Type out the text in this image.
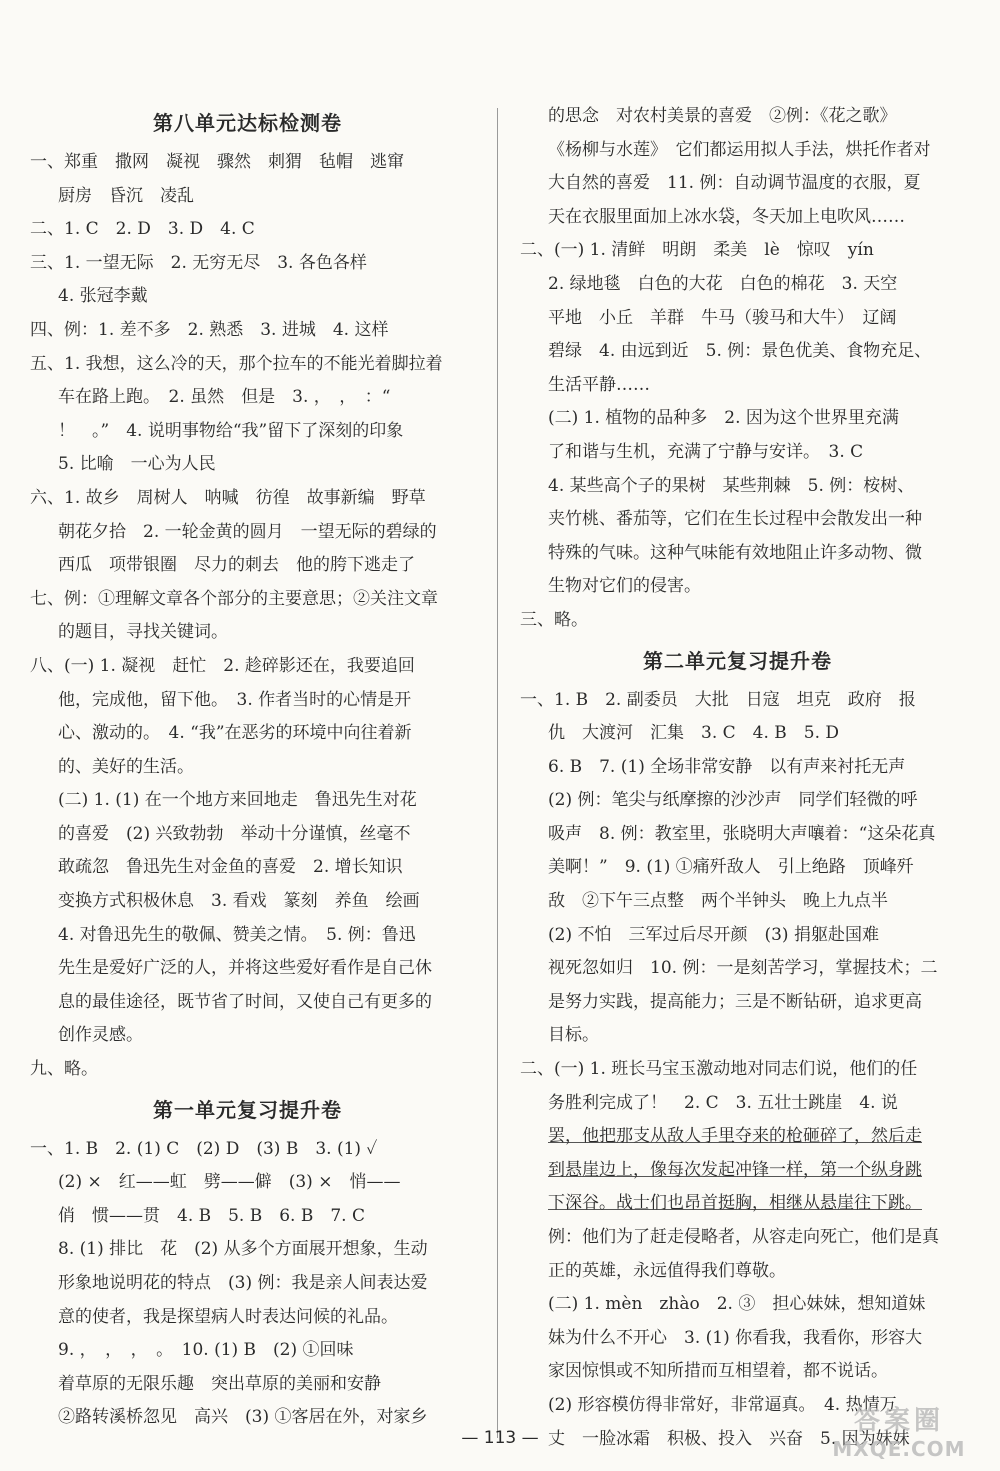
第八单元达标检测卷
一、郑重　撒网　凝视　骤然　刺猬　毡帽　逃窜
厨房　昏沉　凌乱
二、1. C　2. D　3. D　4. C
三、1. 一望无际　2. 无穷无尽　3. 各色各样
4. 张冠李戴
四、例：1. 差不多　2. 熟悉　3. 进城　4. 这样
五、1. 我想，这么冷的天，那个拉车的不能光着脚拉着
车在路上跑。　2. 虽然　但是　3. ，　，　：“
！　。”　4. 说明事物给“我”留下了深刻的印象
5. 比喻　一心为人民
六、1. 故乡　周树人　呐喊　彷徨　故事新编　野草
朝花夕拾　2. 一轮金黄的圆月　一望无际的碧绿的
西瓜　项带银圈　尽力的刺去　他的胯下逃走了
七、例：①理解文章各个部分的主要意思；②关注文章
的题目，寻找关键词。
八、(一) 1. 凝视　赶忙　2. 趁碎影还在，我要追回
他，完成他，留下他。　3. 作者当时的心情是开
心、激动的。　4. “我”在恶劣的环境中向往着新
的、美好的生活。
(二) 1. (1) 在一个地方来回地走　鲁迅先生对花
的喜爱　(2) 兴致勃勃　举动十分谨慎，丝毫不
敢疏忽　鲁迅先生对金鱼的喜爱　2. 增长知识
变换方式积极休息　3. 看戏　篆刻　养鱼　绘画
4. 对鲁迅先生的敬佩、赞美之情。　5. 例：鲁迅
先生是爱好广泛的人，并将这些爱好看作是自己休
息的最佳途径，既节省了时间，又使自己有更多的
创作灵感。
九、略。
第一单元复习提升卷
一、1. B　2. (1) C　(2) D　(3) B　3. (1) ✓
(2) ×　红——虹　劈——僻　(3) ×　悄——
俏　惯——贯　4. B　5. B　6. B　7. C
8. (1) 排比　花　(2) 从多个方面展开想象，生动
形象地说明花的特点　(3) 例：我是亲人间表达爱
意的使者，我是探望病人时表达问候的礼品。
9. ，　，　，　。　10. (1) B　(2) ①回味
着草原的无限乐趣　突出草原的美丽和安静
②路转溪桥忽见　高兴　(3) ①客居在外，对家乡
的思念　对农村美景的喜爱　②例：《花之歌》
《杨柳与水莲》　它们都运用拟人手法，烘托作者对
大自然的喜爱　11. 例：自动调节温度的衣服，夏
天在衣服里面加上冰水袋，冬天加上电吹风……
二、(一) 1. 清鲜　明朗　柔美　lè　惊叹　yín
2. 绿地毯　白色的大花　白色的棉花　3. 天空
平地　小丘　羊群　牛马（骏马和大牛）　辽阔
碧绿　4. 由远到近　5. 例：景色优美、食物充足、
生活平静……
(二) 1. 植物的品种多　2. 因为这个世界里充满
了和谐与生机，充满了宁静与安详。　3. C
4. 某些高个子的果树　某些荆棘　5. 例：桉树、
夹竹桃、番茄等，它们在生长过程中会散发出一种
特殊的气味。这种气味能有效地阻止许多动物、微
生物对它们的侵害。
三、略。
第二单元复习提升卷
一、1. B　2. 副委员　大批　日寇　坦克　政府　报
仇　大渡河　汇集　3. C　4. B　5. D
6. B　7. (1) 全场非常安静　以有声来衬托无声
(2) 例：笔尖与纸摩擦的沙沙声　同学们轻微的呼
吸声　8. 例：教室里，张晓明大声嚷着：“这朵花真
美啊！”　9. (1) ①痛歼敌人　引上绝路　顶峰歼
敌　②下午三点整　两个半钟头　晚上九点半
(2) 不怕　三军过后尽开颜　(3) 捐躯赴国难
视死忽如归　10. 例：一是刻苦学习，掌握技术；二
是努力实践，提高能力；三是不断钻研，追求更高
目标。
二、(一) 1. 班长马宝玉激动地对同志们说，他们的任
务胜利完成了！　2. C　3. 五壮士跳崖　4. 说
罢，他把那支从敌人手里夺来的枪砸碎了，然后走
到悬崖边上，像每次发起冲锋一样，第一个纵身跳
下深谷。战士们也昂首挺胸，相继从悬崖往下跳。
例：他们为了赶走侵略者，从容走向死亡，他们是真
正的英雄，永远值得我们尊敬。
(二) 1. mèn　zhào　2. ③　担心妹妹，想知道妹
妹为什么不开心　3. (1) 你看我，我看你，形容大
家因惊惧或不知所措而互相望着，都不说话。
(2) 形容模仿得非常好，非常逼真。　4. 热情万
丈　一脸冰霜　积极、投入　兴奋　5. 因为妹妹
— 113 —
答案圈
MXQE.COM
